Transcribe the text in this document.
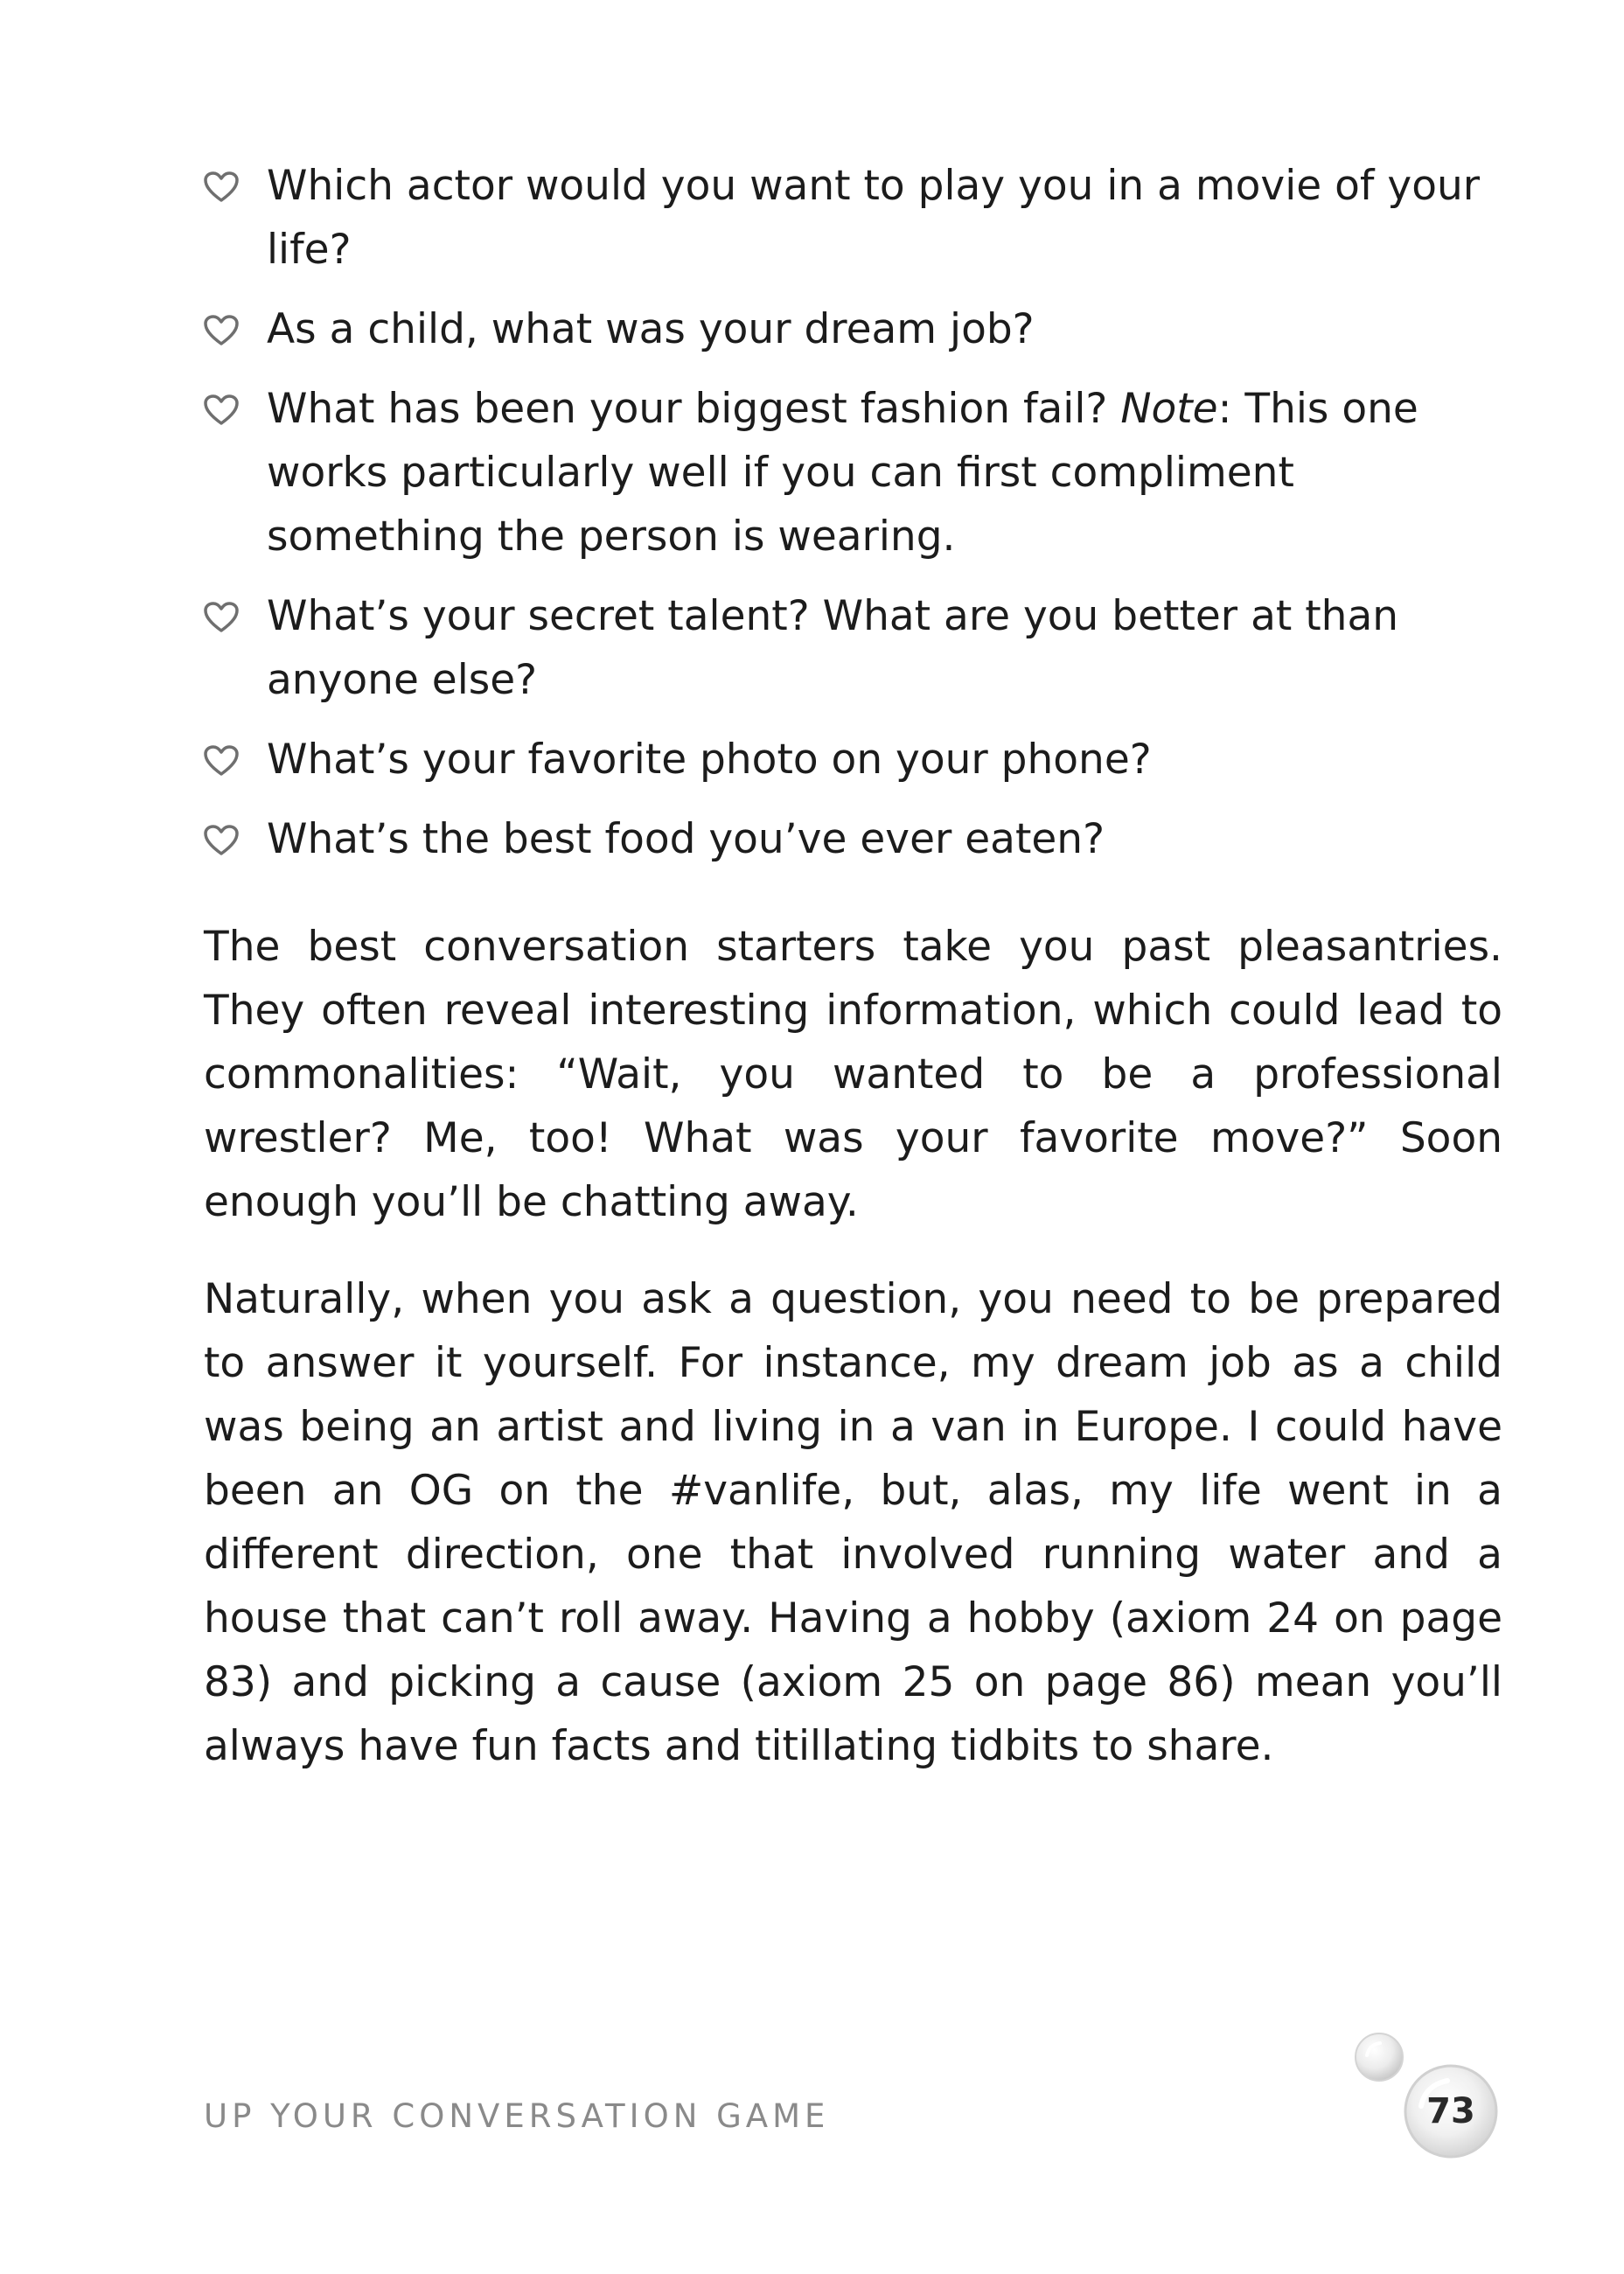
Which actor would you want to play you in a movie of your life?
As a child, what was your dream job?
What has been your biggest fashion fail? Note: This one works particularly well if you can first compliment something the person is wearing.
What’s your secret talent? What are you better at than anyone else?
What’s your favorite photo on your phone?
What’s the best food you’ve ever eaten?

The best conversation starters take you past pleasantries. They often reveal interesting information, which could lead to commonalities: “Wait, you wanted to be a professional wrestler? Me, too! What was your favorite move?” Soon enough you’ll be chatting away.

Naturally, when you ask a question, you need to be prepared to answer it yourself. For instance, my dream job as a child was being an artist and living in a van in Europe. I could have been an OG on the #vanlife, but, alas, my life went in a different direction, one that involved running water and a house that can’t roll away. Having a hobby (axiom 24 on page 83) and picking a cause (axiom 25 on page 86) mean you’ll always have fun facts and titillating tidbits to share.

UP YOUR CONVERSATION GAME	73
